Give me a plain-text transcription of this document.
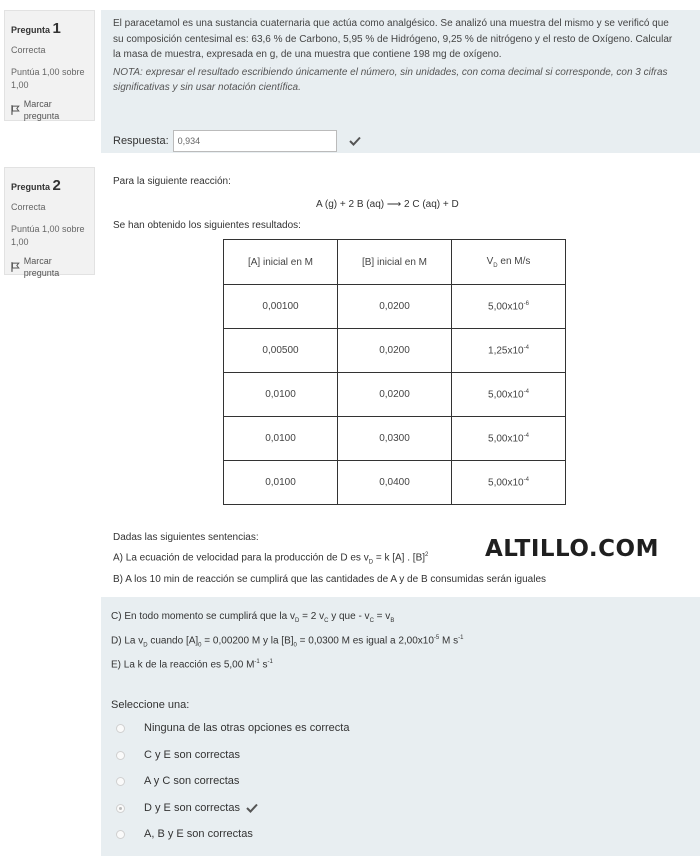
Pregunta 1
Correcta
Puntúa 1,00 sobre 1,00
Marcar pregunta
El paracetamol es una sustancia cuaternaria que actúa como analgésico. Se analizó una muestra del mismo y se verificó que
su composición centesimal es: 63,6 % de Carbono, 5,95 % de Hidrógeno, 9,25 % de nitrógeno y el resto de Oxígeno. Calcular
la masa de muestra, expresada en g, de una muestra que contiene 198 mg de oxígeno.
NOTA: expresar el resultado escribiendo únicamente el número, sin unidades, con coma decimal si corresponde, con 3 cifras
significativas y sin usar notación científica.
Respuesta:	0,934
Pregunta 2
Correcta
Puntúa 1,00 sobre
1,00
Marcar pregunta
Para la siguiente reacción:
A (g) + 2 B (aq) ⟶ 2 C (aq) + D
Se han obtenido los siguientes resultados:
[A] inicial en M	[B] inicial en M	$V_D$ en M/s
0,00100	0,0200	$5,00x10^{-6}$
0,00500	0,0200	$1,25x10^{-4}$
0,0100	0,0200	$5,00x10^{-4}$
0,0100	0,0300	$5,00x10^{-4}$
0,0100	0,0400	$5,00x10^{-4}$
Dadas las siguientes sentencias:
A) La ecuación de velocidad para la producción de D es $v_D = k$ [A] . $[B]^2$ ALTILLO.COM
B) A los 10 min de reacción se cumplirá que las cantidades de A y de B consumidas serán iguales
C) En todo momento se cumplirá que la $v_D = 2$ $v_C$ y que - $v_C = v_B$
D) La $v_D$ cuando $[A]_0 = 0,00200$ M y la $[B]_0 = 0,0300$ M es igual a $2,00x10^{-5}$ M $s^{-1}$
E) La k de la reacción es 5,00 $M^{-1}$ $s^{-1}$
Seleccione una:
Ninguna de las otras opciones es correcta
C y E son correctas
A y C son correctas
D y E son correctas
A, B y E son correctas
